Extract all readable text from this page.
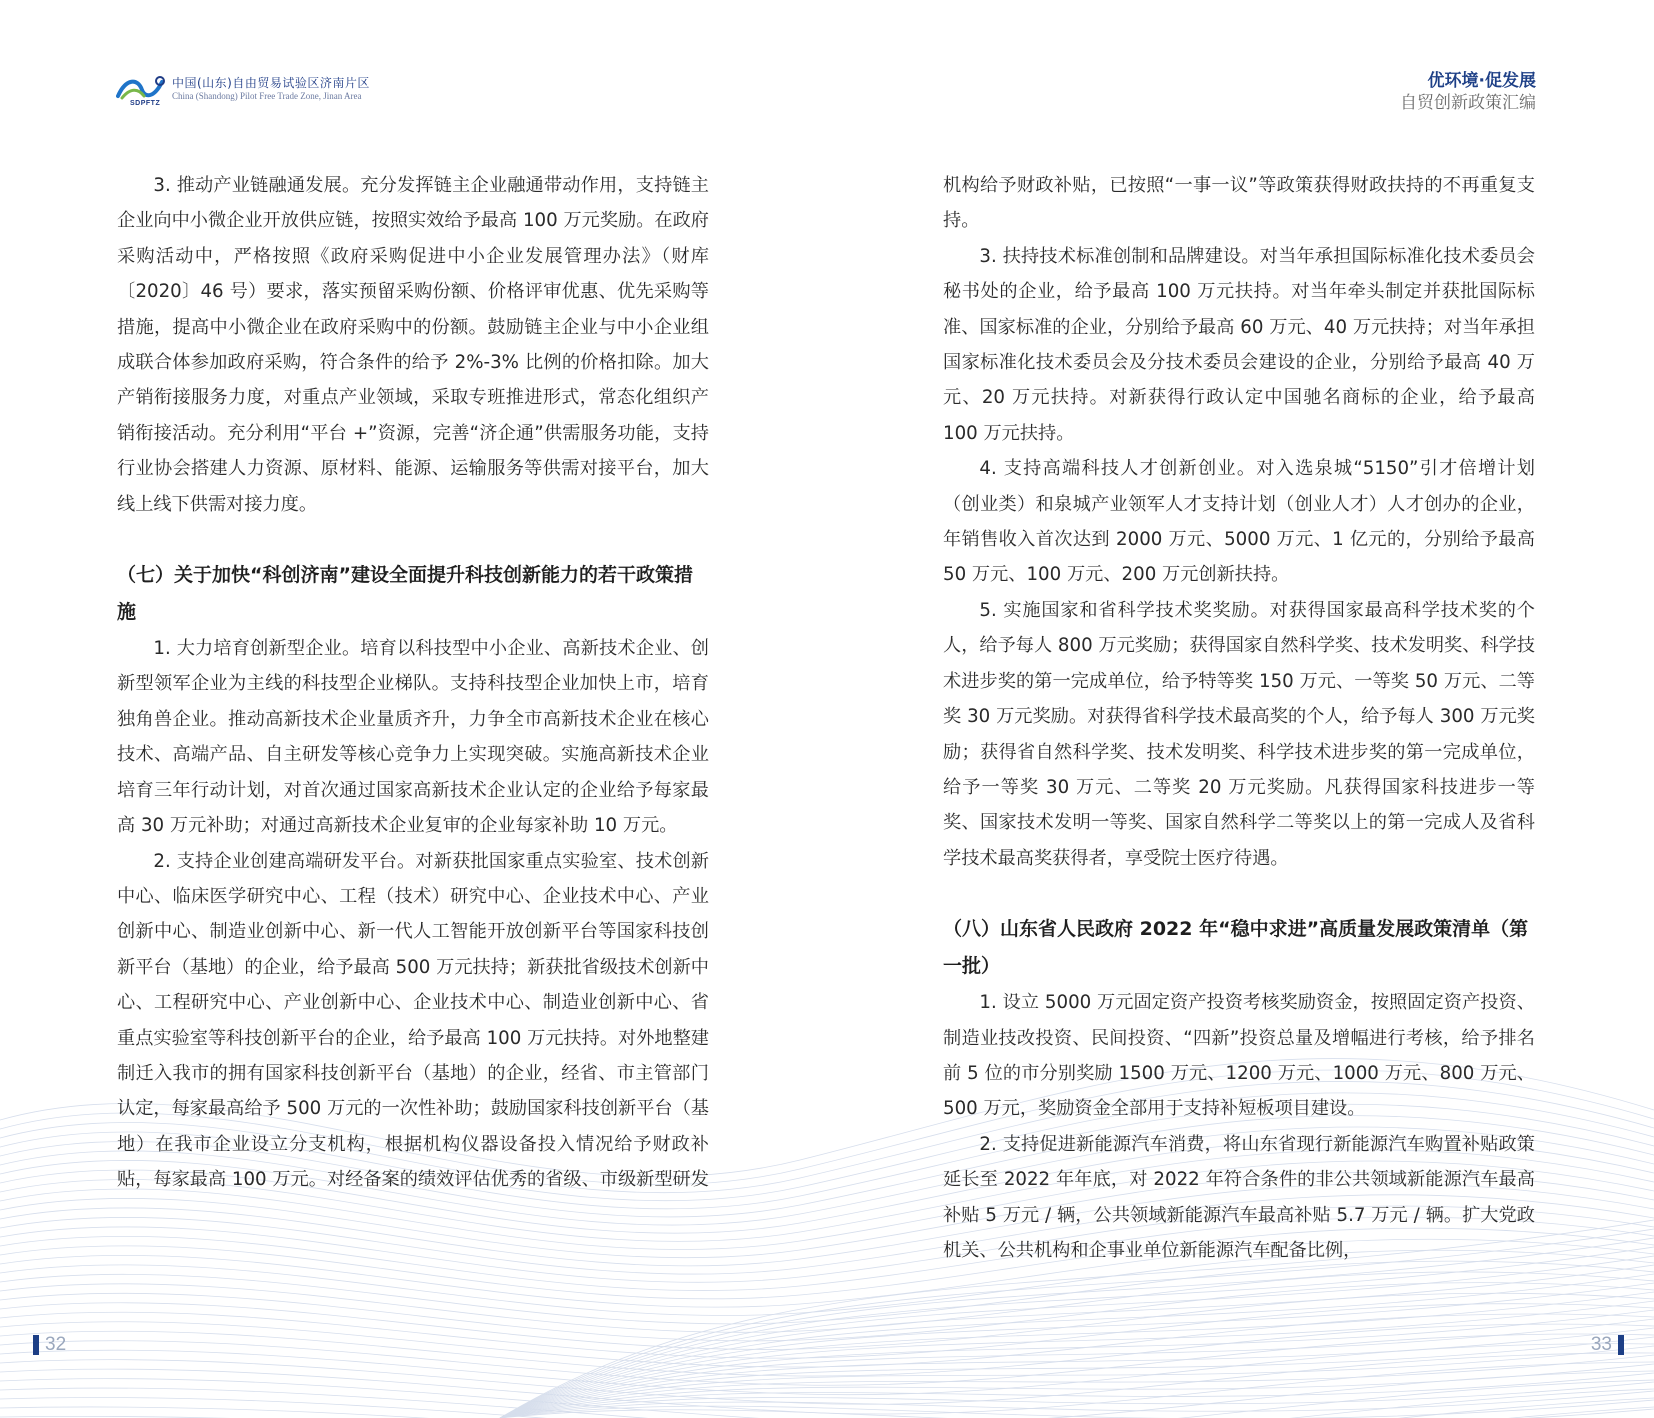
SDPFTZ
中国(山东)自由贸易试验区济南片区
China (Shandong) Pilot Free Trade Zone, Jinan Area
优环境·促发展
自贸创新政策汇编

3. 推动产业链融通发展。充分发挥链主企业融通带动作用，支持链主企业向中小微企业开放供应链，按照实效给予最高 100 万元奖励。在政府采购活动中，严格按照《政府采购促进中小企业发展管理办法》（财库〔2020〕46 号）要求，落实预留采购份额、价格评审优惠、优先采购等措施，提高中小微企业在政府采购中的份额。鼓励链主企业与中小企业组成联合体参加政府采购，符合条件的给予 2%-3% 比例的价格扣除。加大产销衔接服务力度，对重点产业领域，采取专班推进形式，常态化组织产销衔接活动。充分利用“平台 +”资源，完善“济企通”供需服务功能，支持行业协会搭建人力资源、原材料、能源、运输服务等供需对接平台，加大线上线下供需对接力度。

（七）关于加快“科创济南”建设全面提升科技创新能力的若干政策措施

1. 大力培育创新型企业。培育以科技型中小企业、高新技术企业、创新型领军企业为主线的科技型企业梯队。支持科技型企业加快上市，培育独角兽企业。推动高新技术企业量质齐升，力争全市高新技术企业在核心技术、高端产品、自主研发等核心竞争力上实现突破。实施高新技术企业培育三年行动计划，对首次通过国家高新技术企业认定的企业给予每家最高 30 万元补助；对通过高新技术企业复审的企业每家补助 10 万元。

2. 支持企业创建高端研发平台。对新获批国家重点实验室、技术创新中心、临床医学研究中心、工程（技术）研究中心、企业技术中心、产业创新中心、制造业创新中心、新一代人工智能开放创新平台等国家科技创新平台（基地）的企业，给予最高 500 万元扶持；新获批省级技术创新中心、工程研究中心、产业创新中心、企业技术中心、制造业创新中心、省重点实验室等科技创新平台的企业，给予最高 100 万元扶持。对外地整建制迁入我市的拥有国家科技创新平台（基地）的企业，经省、市主管部门认定，每家最高给予 500 万元的一次性补助；鼓励国家科技创新平台（基地）在我市企业设立分支机构，根据机构仪器设备投入情况给予财政补贴，每家最高 100 万元。对经备案的绩效评估优秀的省级、市级新型研发

机构给予财政补贴，已按照“一事一议”等政策获得财政扶持的不再重复支持。

3. 扶持技术标准创制和品牌建设。对当年承担国际标准化技术委员会秘书处的企业，给予最高 100 万元扶持。对当年牵头制定并获批国际标准、国家标准的企业，分别给予最高 60 万元、40 万元扶持；对当年承担国家标准化技术委员会及分技术委员会建设的企业，分别给予最高 40 万元、20 万元扶持。对新获得行政认定中国驰名商标的企业，给予最高 100 万元扶持。

4. 支持高端科技人才创新创业。对入选泉城“5150”引才倍增计划（创业类）和泉城产业领军人才支持计划（创业人才）人才创办的企业，年销售收入首次达到 2000 万元、5000 万元、1 亿元的，分别给予最高 50 万元、100 万元、200 万元创新扶持。

5. 实施国家和省科学技术奖奖励。对获得国家最高科学技术奖的个人，给予每人 800 万元奖励；获得国家自然科学奖、技术发明奖、科学技术进步奖的第一完成单位，给予特等奖 150 万元、一等奖 50 万元、二等奖 30 万元奖励。对获得省科学技术最高奖的个人，给予每人 300 万元奖励；获得省自然科学奖、技术发明奖、科学技术进步奖的第一完成单位，给予一等奖 30 万元、二等奖 20 万元奖励。凡获得国家科技进步一等奖、国家技术发明一等奖、国家自然科学二等奖以上的第一完成人及省科学技术最高奖获得者，享受院士医疗待遇。

（八）山东省人民政府 2022 年“稳中求进”高质量发展政策清单（第一批）

1. 设立 5000 万元固定资产投资考核奖励资金，按照固定资产投资、制造业技改投资、民间投资、“四新”投资总量及增幅进行考核，给予排名前 5 位的市分别奖励 1500 万元、1200 万元、1000 万元、800 万元、500 万元，奖励资金全部用于支持补短板项目建设。

2. 支持促进新能源汽车消费，将山东省现行新能源汽车购置补贴政策延长至 2022 年年底，对 2022 年符合条件的非公共领域新能源汽车最高补贴 5 万元 / 辆，公共领域新能源汽车最高补贴 5.7 万元 / 辆。扩大党政机关、公共机构和企事业单位新能源汽车配备比例，

32	33
